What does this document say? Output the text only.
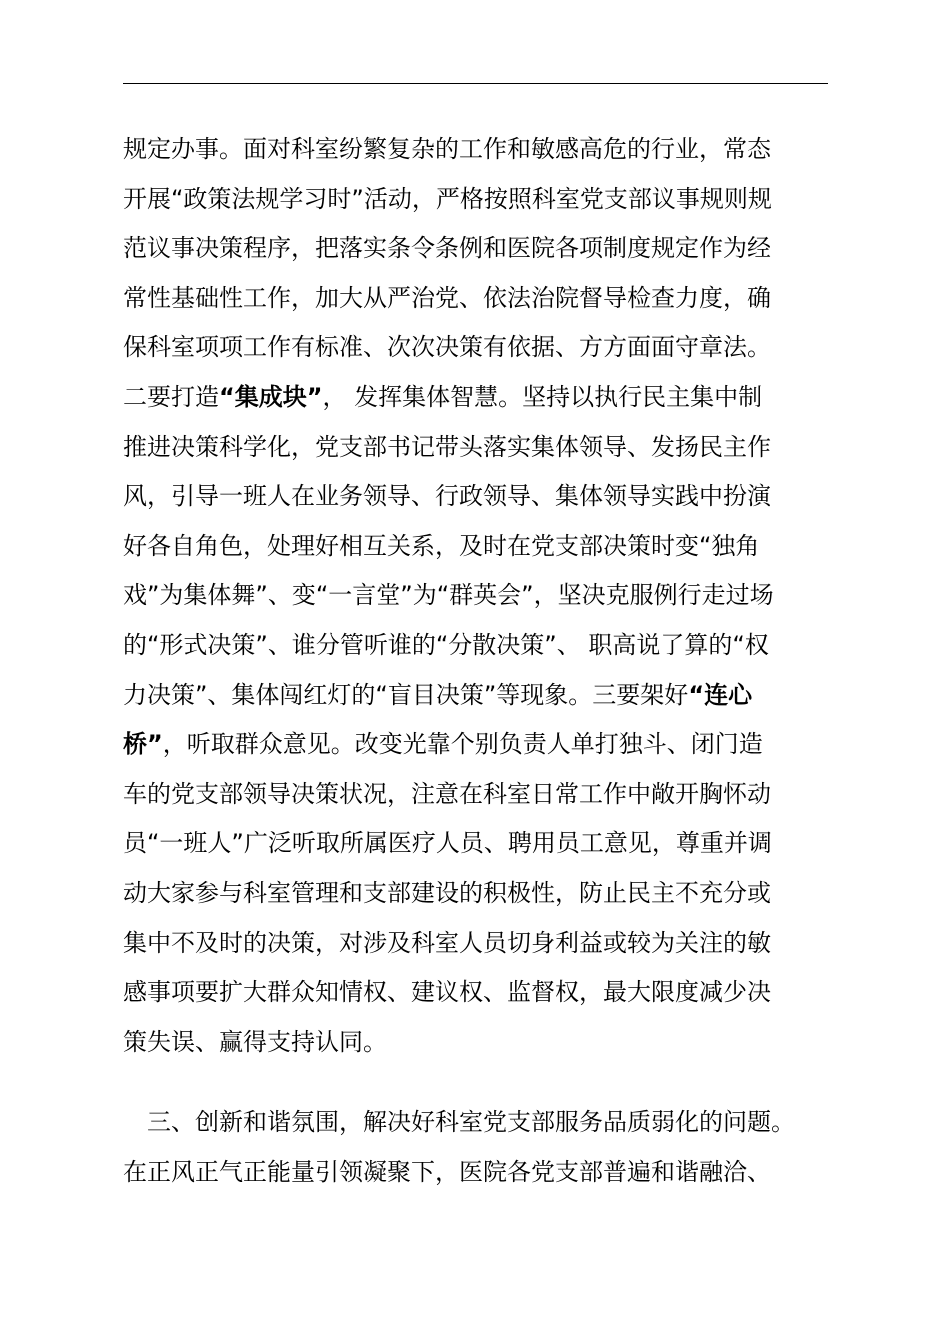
规定办事。面对科室纷繁复杂的工作和敏感高危的行业，常态
开展“政策法规学习时”活动，严格按照科室党支部议事规则规
范议事决策程序，把落实条令条例和医院各项制度规定作为经
常性基础性工作，加大从严治党、依法治院督导检查力度，确
保科室项项工作有标准、次次决策有依据、方方面面守章法。
二要打造“集成块”， 发挥集体智慧。坚持以执行民主集中制
推进决策科学化，党支部书记带头落实集体领导、发扬民主作
风，引导一班人在业务领导、行政领导、集体领导实践中扮演
好各自角色，处理好相互关系，及时在党支部决策时变“独角
戏”为集体舞”、变“一言堂”为“群英会”，坚决克服例行走过场
的“形式决策”、谁分管听谁的“分散决策”、 职高说了算的“权
力决策”、集体闯红灯的“盲目决策”等现象。三要架好“连心
桥”，听取群众意见。改变光靠个别负责人单打独斗、闭门造
车的党支部领导决策状况，注意在科室日常工作中敞开胸怀动
员“一班人”广泛听取所属医疗人员、聘用员工意见，尊重并调
动大家参与科室管理和支部建设的积极性，防止民主不充分或
集中不及时的决策，对涉及科室人员切身利益或较为关注的敏
感事项要扩大群众知情权、建议权、监督权，最大限度减少决
策失误、赢得支持认同。
　三、创新和谐氛围，解决好科室党支部服务品质弱化的问题。
在正风正气正能量引领凝聚下，医院各党支部普遍和谐融洽、
